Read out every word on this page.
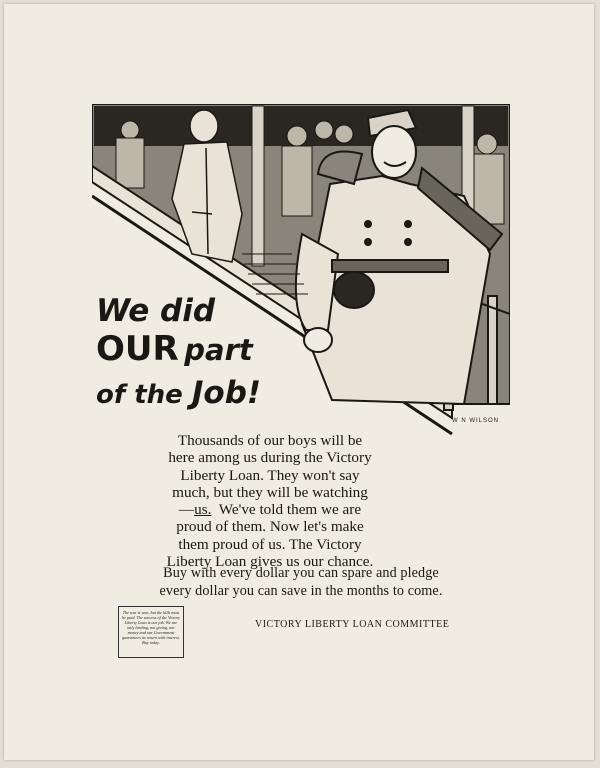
W N WILSON
We did
OUR part
of the Job!
Thousands of our boys will be
here among us during the Victory
Liberty Loan. They won't say
much, but they will be watching
—us.  We've told them we are
proud of them. Now let's make
them proud of us. The Victory
Liberty Loan gives us our chance.
Buy with every dollar you can spare and pledge
every dollar you can save in the months to come.
The war is won, but the bills must be paid. The success of the Victory Liberty Loan is our job. We are only lending, not giving, our money and our Government guarantees its return with interest. Buy today.
VICTORY LIBERTY LOAN COMMITTEE
